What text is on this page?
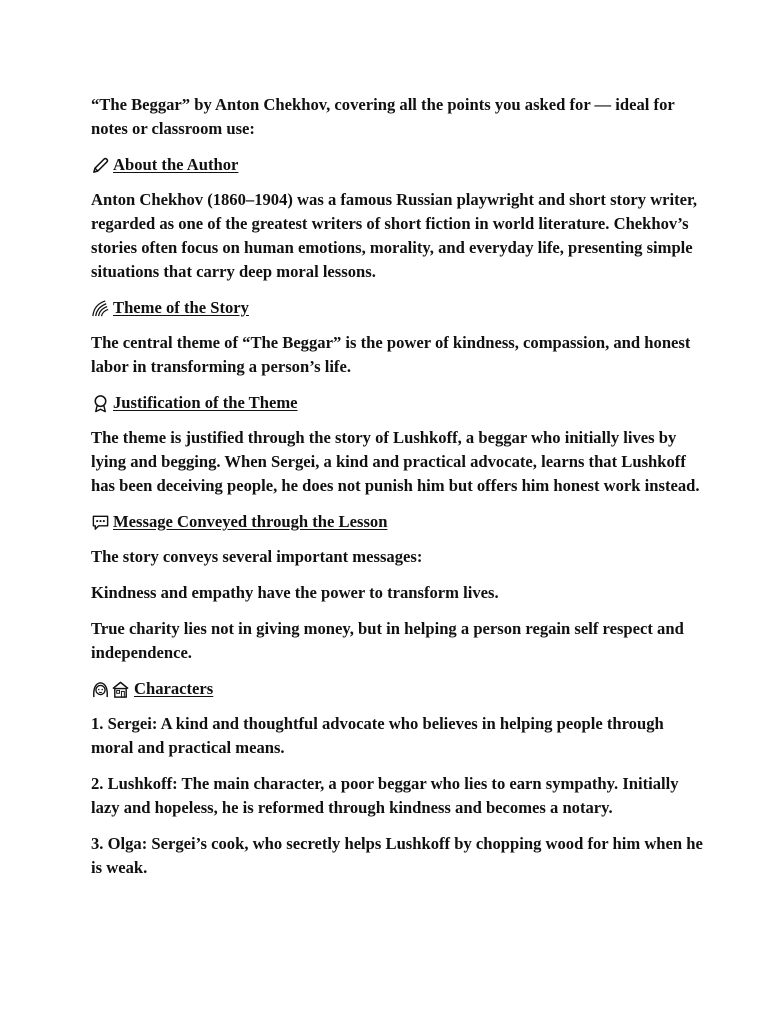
“The Beggar” by Anton Chekhov, covering all the points you asked for — ideal for notes or classroom use:

About the Author

Anton Chekhov (1860–1904) was a famous Russian playwright and short story writer, regarded as one of the greatest writers of short fiction in world literature. Chekhov’s stories often focus on human emotions, morality, and everyday life, presenting simple situations that carry deep moral lessons.

Theme of the Story

The central theme of “The Beggar” is the power of kindness, compassion, and honest labor in transforming a person’s life.

Justification of the Theme

The theme is justified through the story of Lushkoff, a beggar who initially lives by lying and begging. When Sergei, a kind and practical advocate, learns that Lushkoff has been deceiving people, he does not punish him but offers him honest work instead.

Message Conveyed through the Lesson

The story conveys several important messages:

Kindness and empathy have the power to transform lives.

True charity lies not in giving money, but in helping a person regain self respect and independence.

Characters

1. Sergei: A kind and thoughtful advocate who believes in helping people through moral and practical means.

2. Lushkoff: The main character, a poor beggar who lies to earn sympathy. Initially lazy and hopeless, he is reformed through kindness and becomes a notary.

3. Olga: Sergei’s cook, who secretly helps Lushkoff by chopping wood for him when he is weak.
